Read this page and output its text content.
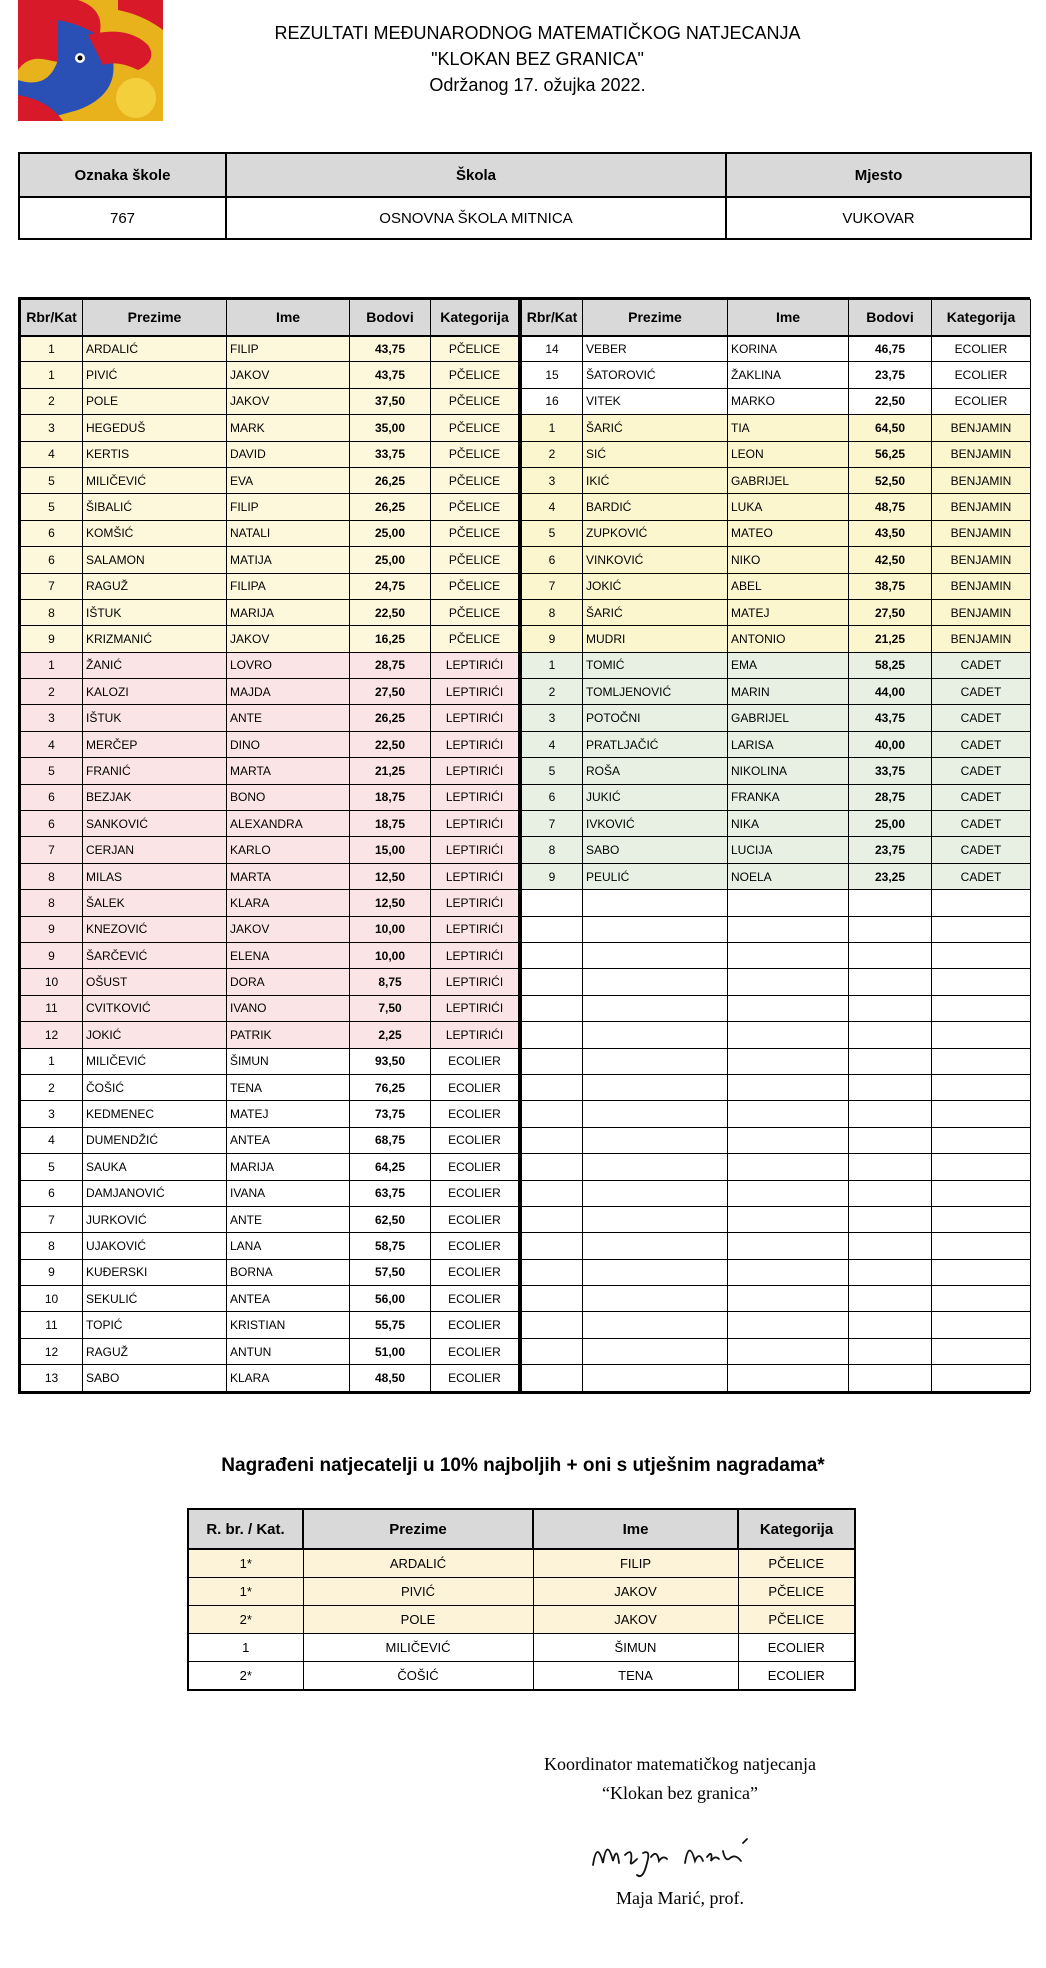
REZULTATI MEĐUNARODNOG MATEMATIČKOG NATJECANJA
"KLOKAN BEZ GRANICA"
Održanog 17. ožujka 2022.
Oznaka škole	Škola	Mjesto
767	OSNOVNA ŠKOLA MITNICA	VUKOVAR
Rbr/Kat	Prezime	Ime	Bodovi	Kategorija
1	ARDALIĆ	FILIP	43,75	PČELICE
1	PIVIĆ	JAKOV	43,75	PČELICE
2	POLE	JAKOV	37,50	PČELICE
3	HEGEDUŠ	MARK	35,00	PČELICE
4	KERTIS	DAVID	33,75	PČELICE
5	MILIČEVIĆ	EVA	26,25	PČELICE
5	ŠIBALIĆ	FILIP	26,25	PČELICE
6	KOMŠIĆ	NATALI	25,00	PČELICE
6	SALAMON	MATIJA	25,00	PČELICE
7	RAGUŽ	FILIPA	24,75	PČELICE
8	IŠTUK	MARIJA	22,50	PČELICE
9	KRIZMANIĆ	JAKOV	16,25	PČELICE
1	ŽANIĆ	LOVRO	28,75	LEPTIRIĆI
2	KALOZI	MAJDA	27,50	LEPTIRIĆI
3	IŠTUK	ANTE	26,25	LEPTIRIĆI
4	MERČEP	DINO	22,50	LEPTIRIĆI
5	FRANIĆ	MARTA	21,25	LEPTIRIĆI
6	BEZJAK	BONO	18,75	LEPTIRIĆI
6	SANKOVIĆ	ALEXANDRA	18,75	LEPTIRIĆI
7	CERJAN	KARLO	15,00	LEPTIRIĆI
8	MILAS	MARTA	12,50	LEPTIRIĆI
8	ŠALEK	KLARA	12,50	LEPTIRIĆI
9	KNEZOVIĆ	JAKOV	10,00	LEPTIRIĆI
9	ŠARČEVIĆ	ELENA	10,00	LEPTIRIĆI
10	OŠUST	DORA	8,75	LEPTIRIĆI
11	CVITKOVIĆ	IVANO	7,50	LEPTIRIĆI
12	JOKIĆ	PATRIK	2,25	LEPTIRIĆI
1	MILIČEVIĆ	ŠIMUN	93,50	ECOLIER
2	ČOŠIĆ	TENA	76,25	ECOLIER
3	KEDMENEC	MATEJ	73,75	ECOLIER
4	DUMENDŽIĆ	ANTEA	68,75	ECOLIER
5	SAUKA	MARIJA	64,25	ECOLIER
6	DAMJANOVIĆ	IVANA	63,75	ECOLIER
7	JURKOVIĆ	ANTE	62,50	ECOLIER
8	UJAKOVIĆ	LANA	58,75	ECOLIER
9	KUĐERSKI	BORNA	57,50	ECOLIER
10	SEKULIĆ	ANTEA	56,00	ECOLIER
11	TOPIĆ	KRISTIAN	55,75	ECOLIER
12	RAGUŽ	ANTUN	51,00	ECOLIER
13	SABO	KLARA	48,50	ECOLIER
Rbr/Kat	Prezime	Ime	Bodovi	Kategorija
14	VEBER	KORINA	46,75	ECOLIER
15	ŠATOROVIĆ	ŽAKLINA	23,75	ECOLIER
16	VITEK	MARKO	22,50	ECOLIER
1	ŠARIĆ	TIA	64,50	BENJAMIN
2	SIĆ	LEON	56,25	BENJAMIN
3	IKIĆ	GABRIJEL	52,50	BENJAMIN
4	BARDIĆ	LUKA	48,75	BENJAMIN
5	ZUPKOVIĆ	MATEO	43,50	BENJAMIN
6	VINKOVIĆ	NIKO	42,50	BENJAMIN
7	JOKIĆ	ABEL	38,75	BENJAMIN
8	ŠARIĆ	MATEJ	27,50	BENJAMIN
9	MUDRI	ANTONIO	21,25	BENJAMIN
1	TOMIĆ	EMA	58,25	CADET
2	TOMLJENOVIĆ	MARIN	44,00	CADET
3	POTOČNI	GABRIJEL	43,75	CADET
4	PRATLJAČIĆ	LARISA	40,00	CADET
5	ROŠA	NIKOLINA	33,75	CADET
6	JUKIĆ	FRANKA	28,75	CADET
7	IVKOVIĆ	NIKA	25,00	CADET
8	SABO	LUCIJA	23,75	CADET
9	PEULIĆ	NOELA	23,25	CADET

Nagrađeni natjecatelji u 10% najboljih + oni s utješnim nagradama*
R. br. / Kat.	Prezime	Ime	Kategorija
1*	ARDALIĆ	FILIP	PČELICE
1*	PIVIĆ	JAKOV	PČELICE
2*	POLE	JAKOV	PČELICE
1	MILIČEVIĆ	ŠIMUN	ECOLIER
2*	ČOŠIĆ	TENA	ECOLIER
Koordinator matematičkog natjecanja
“Klokan bez granica”
Maja Marić, prof.
